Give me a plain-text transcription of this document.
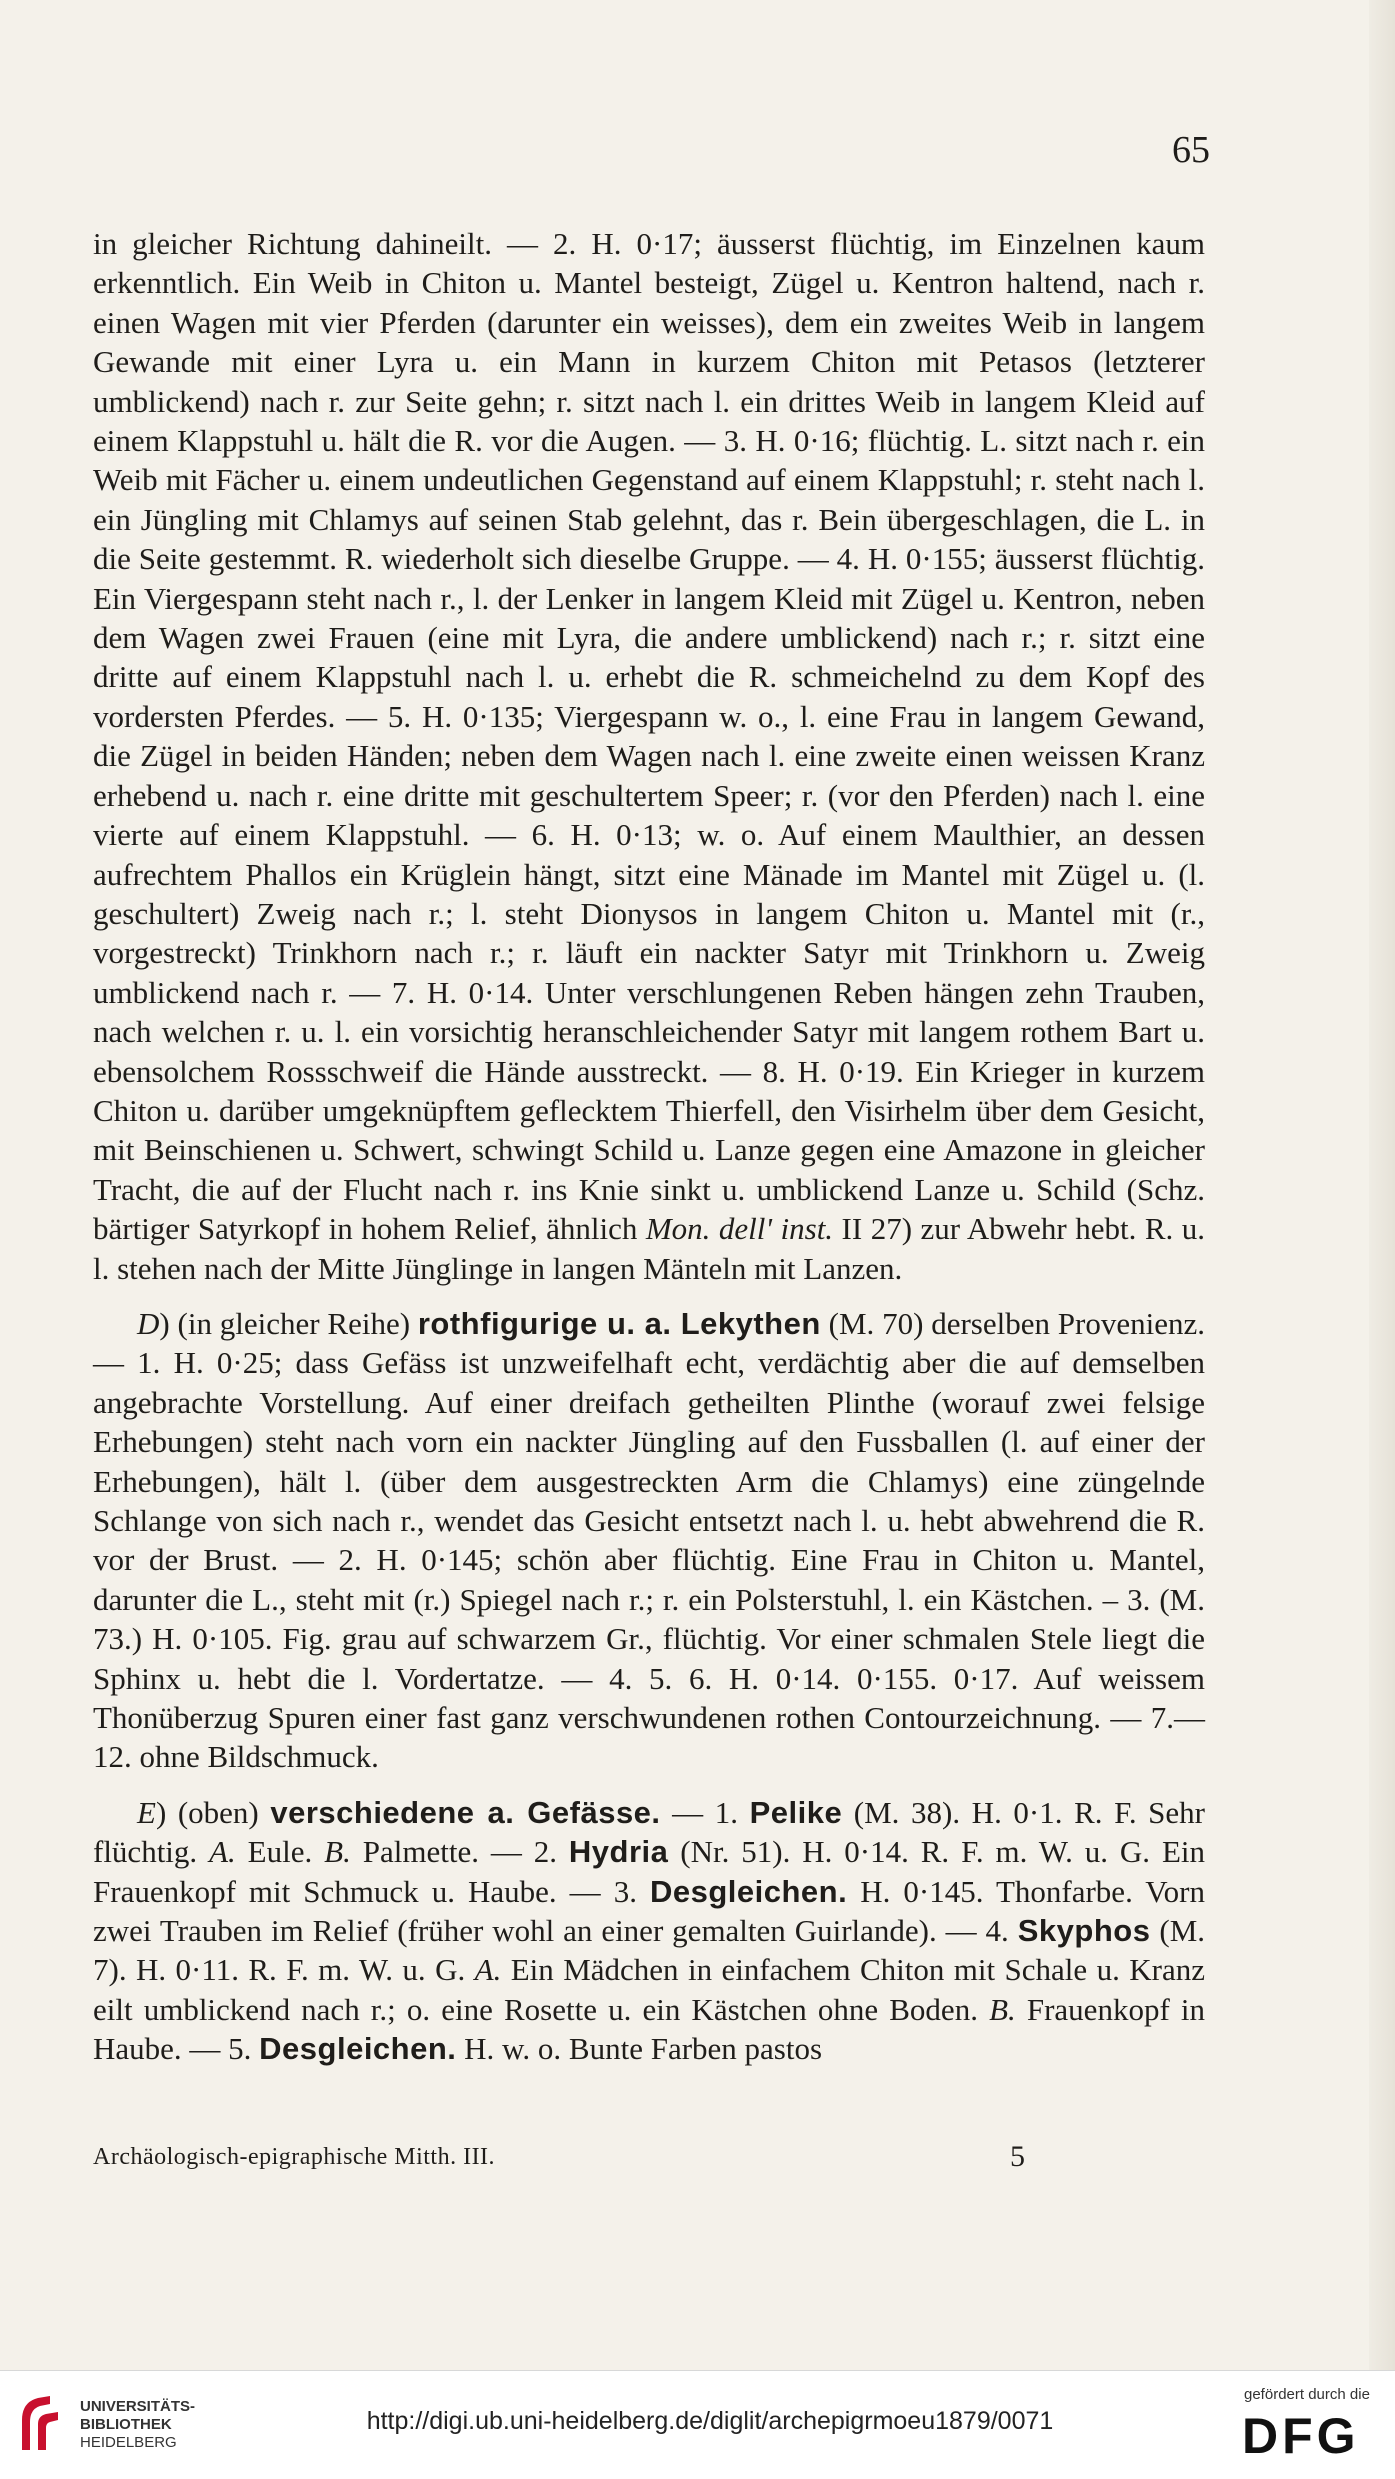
65

in gleicher Richtung dahineilt. — 2. H. 0·17; äusserst flüchtig, im Einzelnen kaum erkenntlich. Ein Weib in Chiton u. Mantel besteigt, Zügel u. Kentron haltend, nach r. einen Wagen mit vier Pferden (darunter ein weisses), dem ein zweites Weib in langem Gewande mit einer Lyra u. ein Mann in kurzem Chiton mit Petasos (letzterer umblickend) nach r. zur Seite gehn; r. sitzt nach l. ein drittes Weib in langem Kleid auf einem Klappstuhl u. hält die R. vor die Augen. — 3. H. 0·16; flüchtig. L. sitzt nach r. ein Weib mit Fächer u. einem undeutlichen Gegenstand auf einem Klappstuhl; r. steht nach l. ein Jüngling mit Chlamys auf seinen Stab gelehnt, das r. Bein übergeschlagen, die L. in die Seite gestemmt. R. wiederholt sich dieselbe Gruppe. — 4. H. 0·155; äusserst flüchtig. Ein Viergespann steht nach r., l. der Lenker in langem Kleid mit Zügel u. Kentron, neben dem Wagen zwei Frauen (eine mit Lyra, die andere umblickend) nach r.; r. sitzt eine dritte auf einem Klappstuhl nach l. u. erhebt die R. schmeichelnd zu dem Kopf des vordersten Pferdes. — 5. H. 0·135; Viergespann w. o., l. eine Frau in langem Gewand, die Zügel in beiden Händen; neben dem Wagen nach l. eine zweite einen weissen Kranz erhebend u. nach r. eine dritte mit geschultertem Speer; r. (vor den Pferden) nach l. eine vierte auf einem Klappstuhl. — 6. H. 0·13; w. o. Auf einem Maulthier, an dessen aufrechtem Phallos ein Krüglein hängt, sitzt eine Mänade im Mantel mit Zügel u. (l. geschultert) Zweig nach r.; l. steht Dionysos in langem Chiton u. Mantel mit (r., vorgestreckt) Trinkhorn nach r.; r. läuft ein nackter Satyr mit Trinkhorn u. Zweig umblickend nach r. — 7. H. 0·14. Unter verschlungenen Reben hängen zehn Trauben, nach welchen r. u. l. ein vorsichtig heranschleichender Satyr mit langem rothem Bart u. ebensolchem Rossschweif die Hände ausstreckt. — 8. H. 0·19. Ein Krieger in kurzem Chiton u. darüber umgeknüpftem geflecktem Thierfell, den Visirhelm über dem Gesicht, mit Beinschienen u. Schwert, schwingt Schild u. Lanze gegen eine Amazone in gleicher Tracht, die auf der Flucht nach r. ins Knie sinkt u. umblickend Lanze u. Schild (Schz. bärtiger Satyrkopf in hohem Relief, ähnlich Mon. dell' inst. II 27) zur Abwehr hebt. R. u. l. stehen nach der Mitte Jünglinge in langen Mänteln mit Lanzen.

D) (in gleicher Reihe) rothfigurige u. a. Lekythen (M. 70) derselben Provenienz. — 1. H. 0·25; dass Gefäss ist unzweifelhaft echt, verdächtig aber die auf demselben angebrachte Vorstellung. Auf einer dreifach getheilten Plinthe (worauf zwei felsige Erhebungen) steht nach vorn ein nackter Jüngling auf den Fussballen (l. auf einer der Erhebungen), hält l. (über dem ausgestreckten Arm die Chlamys) eine züngelnde Schlange von sich nach r., wendet das Gesicht entsetzt nach l. u. hebt abwehrend die R. vor der Brust. — 2. H. 0·145; schön aber flüchtig. Eine Frau in Chiton u. Mantel, darunter die L., steht mit (r.) Spiegel nach r.; r. ein Polsterstuhl, l. ein Kästchen. – 3. (M. 73.) H. 0·105. Fig. grau auf schwarzem Gr., flüchtig. Vor einer schmalen Stele liegt die Sphinx u. hebt die l. Vordertatze. — 4. 5. 6. H. 0·14. 0·155. 0·17. Auf weissem Thonüberzug Spuren einer fast ganz verschwundenen rothen Contourzeichnung. — 7.—12. ohne Bildschmuck.

E) (oben) verschiedene a. Gefässe. — 1. Pelike (M. 38). H. 0·1. R. F. Sehr flüchtig. A. Eule. B. Palmette. — 2. Hydria (Nr. 51). H. 0·14. R. F. m. W. u. G. Ein Frauenkopf mit Schmuck u. Haube. — 3. Desgleichen. H. 0·145. Thonfarbe. Vorn zwei Trauben im Relief (früher wohl an einer gemalten Guirlande). — 4. Skyphos (M. 7). H. 0·11. R. F. m. W. u. G. A. Ein Mädchen in einfachem Chiton mit Schale u. Kranz eilt umblickend nach r.; o. eine Rosette u. ein Kästchen ohne Boden. B. Frauenkopf in Haube. — 5. Desgleichen. H. w. o. Bunte Farben pastos

Archäologisch-epigraphische Mitth. III.	5
UNIVERSITÄTS-
BIBLIOTHEK
HEIDELBERG
http://digi.ub.uni-heidelberg.de/diglit/archepigrmoeu1879/0071
gefördert durch die
DFG
